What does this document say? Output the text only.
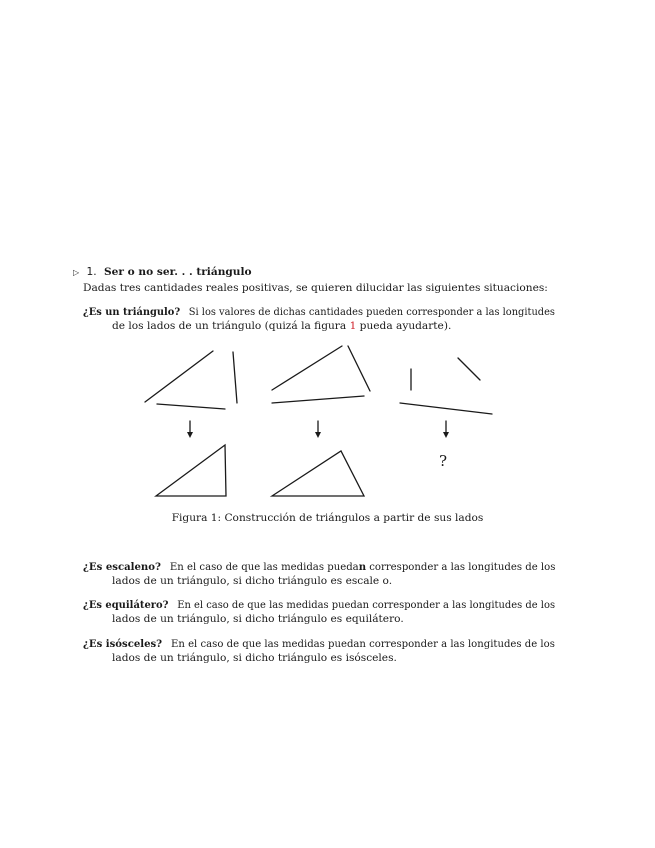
▷ 1. Ser o no ser. . . triángulo
Dadas tres cantidades reales positivas, se quieren dilucidar las siguientes situaciones:
¿Es un triángulo? Si los valores de dichas cantidades pueden corresponder a las longitudes
de los lados de un triángulo (quizá la figura 1 pueda ayudarte).
?
Figura 1: Construcción de triángulos a partir de sus lados
¿Es escaleno? En el caso de que las medidas puedan corresponder a las longitudes de los
lados de un triángulo, si dicho triángulo es escale o.
¿Es equilátero? En el caso de que las medidas puedan corresponder a las longitudes de los
lados de un triángulo, si dicho triángulo es equilátero.
¿Es isósceles? En el caso de que las medidas puedan corresponder a las longitudes de los
lados de un triángulo, si dicho triángulo es isósceles.
